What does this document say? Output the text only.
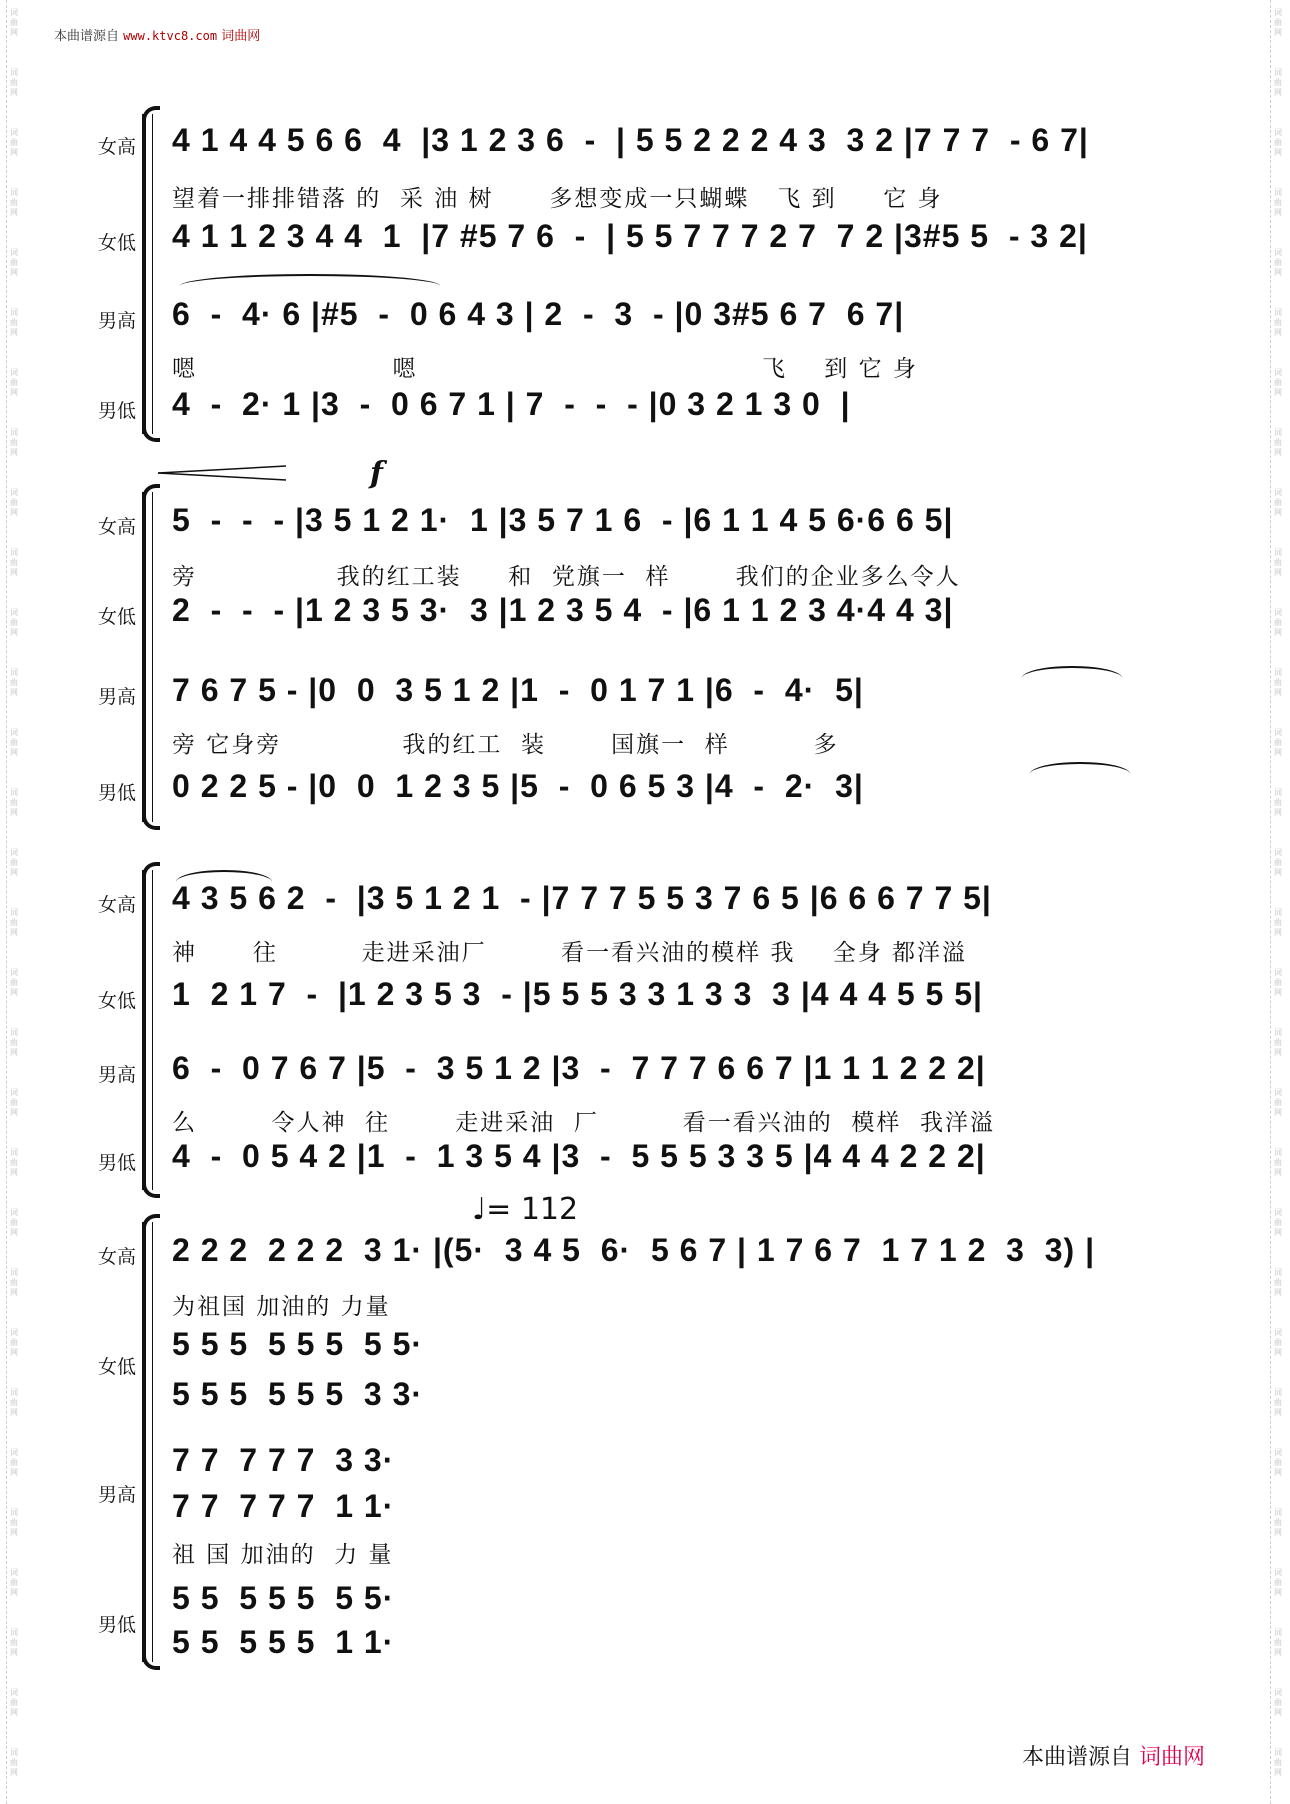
词曲网
词曲网
词曲网
词曲网
词曲网
词曲网
词曲网
词曲网
词曲网
词曲网
词曲网
词曲网
词曲网
词曲网
词曲网
词曲网
词曲网
词曲网
词曲网
词曲网
词曲网
词曲网
词曲网
词曲网
词曲网
词曲网
词曲网
词曲网
词曲网
词曲网
词曲网
词曲网
词曲网
词曲网
词曲网
词曲网
词曲网
词曲网
词曲网
词曲网
词曲网
词曲网
词曲网
词曲网
词曲网
词曲网
词曲网
词曲网
词曲网
词曲网
词曲网
词曲网
词曲网
词曲网
词曲网
词曲网
词曲网
词曲网
词曲网
词曲网
本曲谱源自 www.ktvc8.com 词曲网
女高 4 1 4 4 5 6 6  4  |3 1 2 3 6  -  | 5 5 2 2 2 4 3  3 2 |7 7 7  - 6 7|
望着一排排错落 的  采 油 树      多想变成一只蝴蝶   飞 到     它 身
女低 4 1 1 2 3 4 4  1  |7 #5 7 6  -  | 5 5 7 7 7 2 7  7 2 |3#5 5  - 3 2|
男高 6  -  4· 6 |#5  -  0 6 4 3 | 2  -  3  - |0 3#5 6 7  6 7|
嗯                     嗯                                     飞    到 它 身
男低 4  -  2· 1 |3  -  0 6 7 1 | 7  -  -  - |0 3 2 1 3 0  |
f
女高 5  -  -  - |3 5 1 2 1·  1 |3 5 7 1 6  - |6 1 1 4 5 6·6 6 5|
旁               我的红工装     和  党旗一  样       我们的企业多么令人
女低 2  -  -  - |1 2 3 5 3·  3 |1 2 3 5 4  - |6 1 1 2 3 4·4 4 3|
男高 7 6 7 5 - |0  0  3 5 1 2 |1  -  0 1 7 1 |6  -  4·  5|
旁 它身旁             我的红工  装       国旗一  样         多
男低 0 2 2 5 - |0  0  1 2 3 5 |5  -  0 6 5 3 |4  -  2·  3|
女高 4 3 5 6 2  -  |3 5 1 2 1  - |7 7 7 5 5 3 7 6 5 |6 6 6 7 7 5|
神      往         走进采油厂        看一看兴油的模样 我    全身 都洋溢
女低 1  2 1 7  -  |1 2 3 5 3  - |5 5 5 3 3 1 3 3  3 |4 4 4 5 5 5|
男高 6  -  0 7 6 7 |5  -  3 5 1 2 |3  -  7 7 7 6 6 7 |1 1 1 2 2 2|
么        令人神  往       走进采油  厂         看一看兴油的  模样  我洋溢
男低 4  -  0 5 4 2 |1  -  1 3 5 4 |3  -  5 5 5 3 3 5 |4 4 4 2 2 2|
♩= 112
女高 2 2 2  2 2 2  3 1· |(5·  3 4 5  6·  5 6 7 | 1 7 6 7  1 7 1 2  3  3) |
为祖国 加油的 力量
女低
5 5 5  5 5 5  5 5·
5 5 5  5 5 5  3 3·
男高
7 7  7 7 7  3 3·
7 7  7 7 7  1 1·
祖 国 加油的  力 量
男低
5 5  5 5 5  5 5·
5 5  5 5 5  1 1·
本曲谱源自 词曲网
